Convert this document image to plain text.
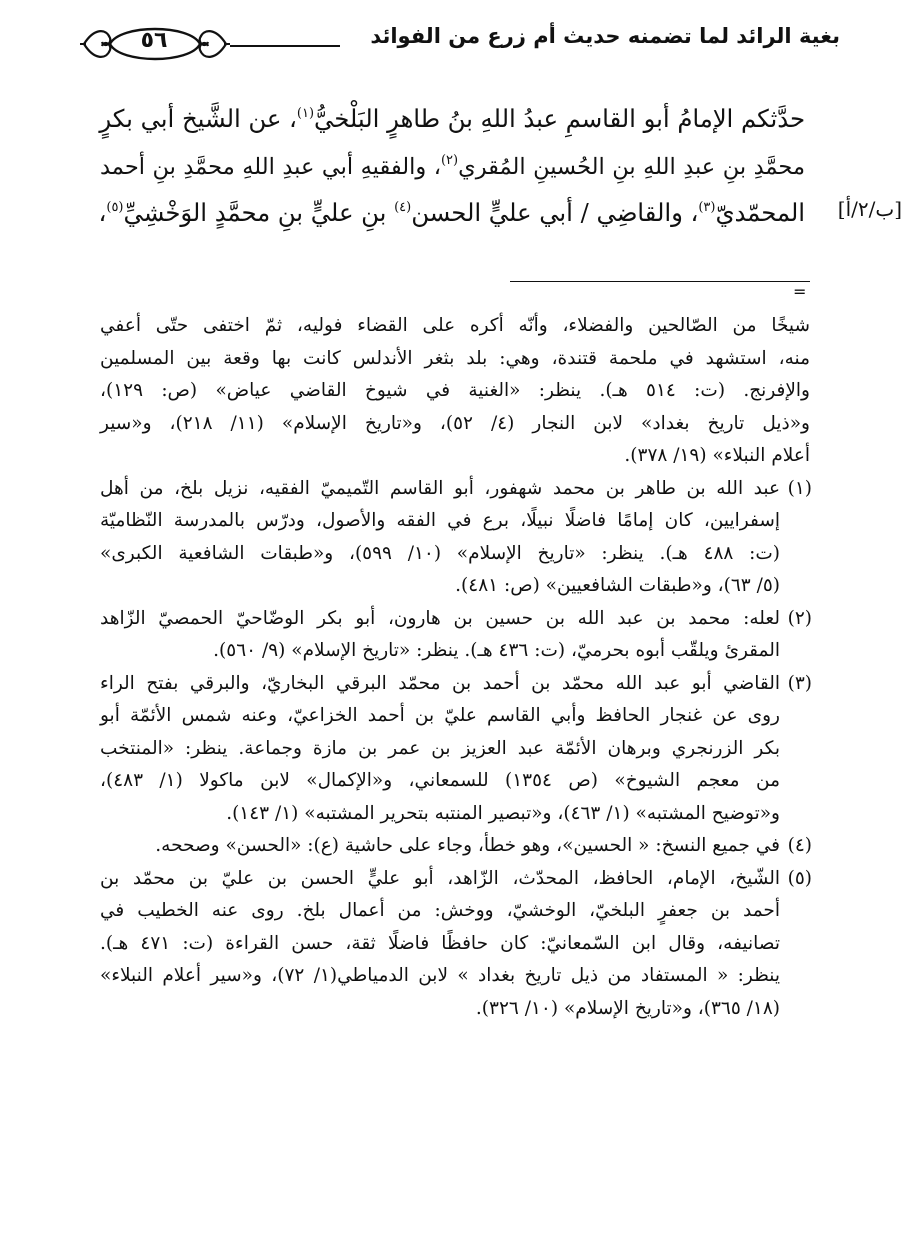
٥٦	بغية الرائد لما تضمنه حديث أم زرع من الفوائد
حدَّثكم الإمامُ أبو القاسمِ عبدُ اللهِ بنُ طاهرٍ البَلْخيُّ$^{(١)}$، عن الشَّيخ أبي بكرٍ
محمَّدِ بنِ عبدِ اللهِ بنِ الحُسينِ المُقري$^{(٢)}$، والفقيهِ أبي عبدِ اللهِ محمَّدِ بنِ أحمد
المحمّديّ$^{(٣)}$، والقاضِي / أبي عليٍّ الحسن$^{(٤)}$ بنِ عليٍّ بنِ محمَّدٍ الوَخْشِيِّ$^{(٥)}$،	[ب/٢/أ]
=
شيخًا من الصّالحين والفضلاء، وأنّه أكره على القضاء فوليه، ثمّ اختفى حتّى أعفي
منه، استشهد في ملحمة قتندة، وهي: بلد بثغر الأندلس كانت بها وقعة بين المسلمين
والإفرنج. (ت: ٥١٤ هـ). ينظر: «الغنية في شيوخ القاضي عياض» (ص: ١٢٩)،
و«ذيل تاريخ بغداد» لابن النجار (٤/ ٥٢)، و«تاريخ الإسلام» (١١/ ٢١٨)، و«سير
أعلام النبلاء» (١٩/ ٣٧٨).
(١)
عبد الله بن طاهر بن محمد شهفور، أبو القاسم التّميميّ الفقيه، نزيل بلخ، من أهل
إسفرايين، كان إمامًا فاضلًا نبيلًا، برع في الفقه والأصول، ودرّس بالمدرسة النّظاميّة
(ت: ٤٨٨ هـ). ينظر: «تاريخ الإسلام» (١٠/ ٥٩٩)، و«طبقات الشافعية الكبرى»
(٥/ ٦٣)، و«طبقات الشافعيين» (ص: ٤٨١).
(٢)
لعله: محمد بن عبد الله بن حسين بن هارون، أبو بكر الوضّاحيّ الحمصيّ الزّاهد
المقرئ ويلقّب أبوه بحرميّ، (ت: ٤٣٦ هـ). ينظر: «تاريخ الإسلام» (٩/ ٥٦٠).
(٣)
القاضي أبو عبد الله محمّد بن أحمد بن محمّد البرقي البخاريّ، والبرقي بفتح الراء
روى عن غنجار الحافظ وأبي القاسم عليّ بن أحمد الخزاعيّ، وعنه شمس الأئمّة أبو
بكر الزرنجري وبرهان الأئمّة عبد العزيز بن عمر بن مازة وجماعة. ينظر: «المنتخب
من معجم الشيوخ» (ص ١٣٥٤) للسمعاني، و«الإكمال» لابن ماكولا (١/ ٤٨٣)،
و«توضيح المشتبه» (١/ ٤٦٣)، و«تبصير المنتبه بتحرير المشتبه» (١/ ١٤٣).
(٤)
في جميع النسخ: « الحسين»، وهو خطأ، وجاء على حاشية (ع): «الحسن» وصححه.
(٥)
الشّيخ، الإمام، الحافظ، المحدّث، الزّاهد، أبو عليٍّ الحسن بن عليّ بن محمّد بن
أحمد بن جعفرٍ البلخيّ، الوخشيّ، ووخش: من أعمال بلخ. روى عنه الخطيب في
تصانيفه، وقال ابن السّمعانيّ: كان حافظًا فاضلًا ثقة، حسن القراءة (ت: ٤٧١ هـ).
ينظر: « المستفاد من ذيل تاريخ بغداد » لابن الدمياطي(١/ ٧٢)، و«سير أعلام النبلاء»
(١٨/ ٣٦٥)، و«تاريخ الإسلام» (١٠/ ٣٢٦).
